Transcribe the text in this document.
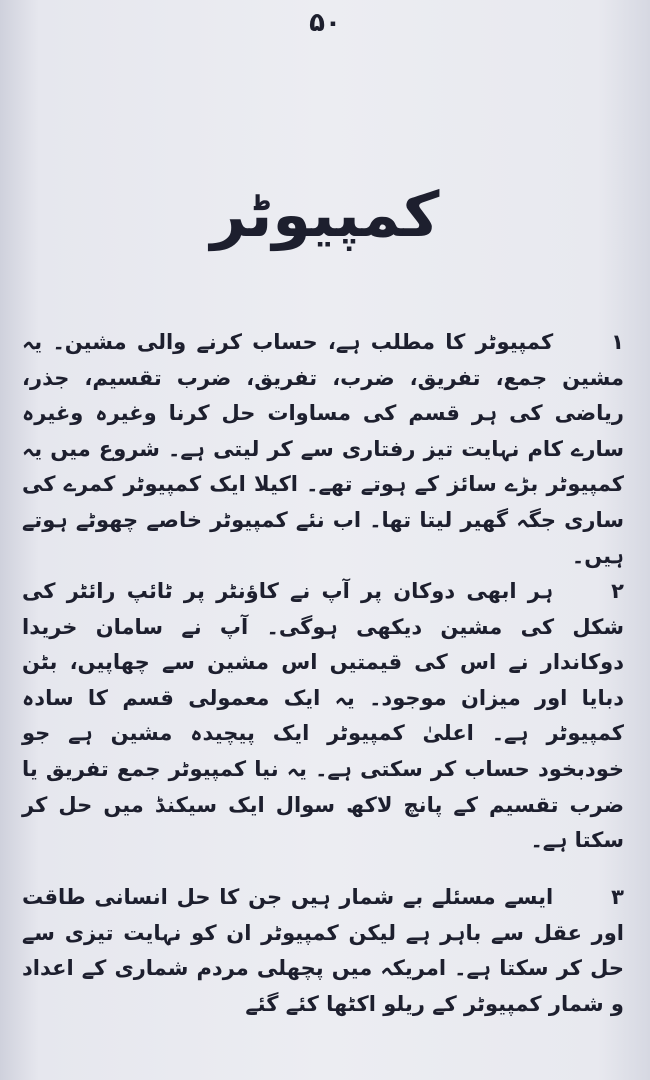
۵۰
کمپیوٹر
۱کمپیوٹر کا مطلب ہے، حساب کرنے والی مشین۔ یہ مشین جمع، تفریق، ضرب، تفریق، ضرب تقسیم، جذر، ریاضی کی ہر قسم کی مساوات حل کرنا وغیرہ وغیرہ سارے کام نہایت تیز رفتاری سے کر لیتی ہے۔ شروع میں یہ کمپیوٹر بڑے سائز کے ہوتے تھے۔ اکیلا ایک کمپیوٹر کمرے کی ساری جگہ گھیر لیتا تھا۔ اب نئے کمپیوٹر خاصے چھوٹے ہوتے ہیں۔
۲ہر ابھی دوکان پر آپ نے کاؤنٹر پر ٹائپ رائٹر کی شکل کی مشین دیکھی ہوگی۔ آپ نے سامان خریدا دوکاندار نے اس کی قیمتیں اس مشین سے چھاپیں، بٹن دبایا اور میزان موجود۔ یہ ایک معمولی قسم کا سادہ کمپیوٹر ہے۔ اعلیٰ کمپیوٹر ایک پیچیدہ مشین ہے جو خودبخود حساب کر سکتی ہے۔ یہ نیا کمپیوٹر جمع تفریق یا ضرب تقسیم کے پانچ لاکھ سوال ایک سیکنڈ میں حل کر سکتا ہے۔
۳ایسے مسئلے بے شمار ہیں جن کا حل انسانی طاقت اور عقل سے باہر ہے لیکن کمپیوٹر ان کو نہایت تیزی سے حل کر سکتا ہے۔ امریکہ میں پچھلی مردم شماری کے اعداد و شمار کمپیوٹر کے ریلو اکٹھا کئے گئے
